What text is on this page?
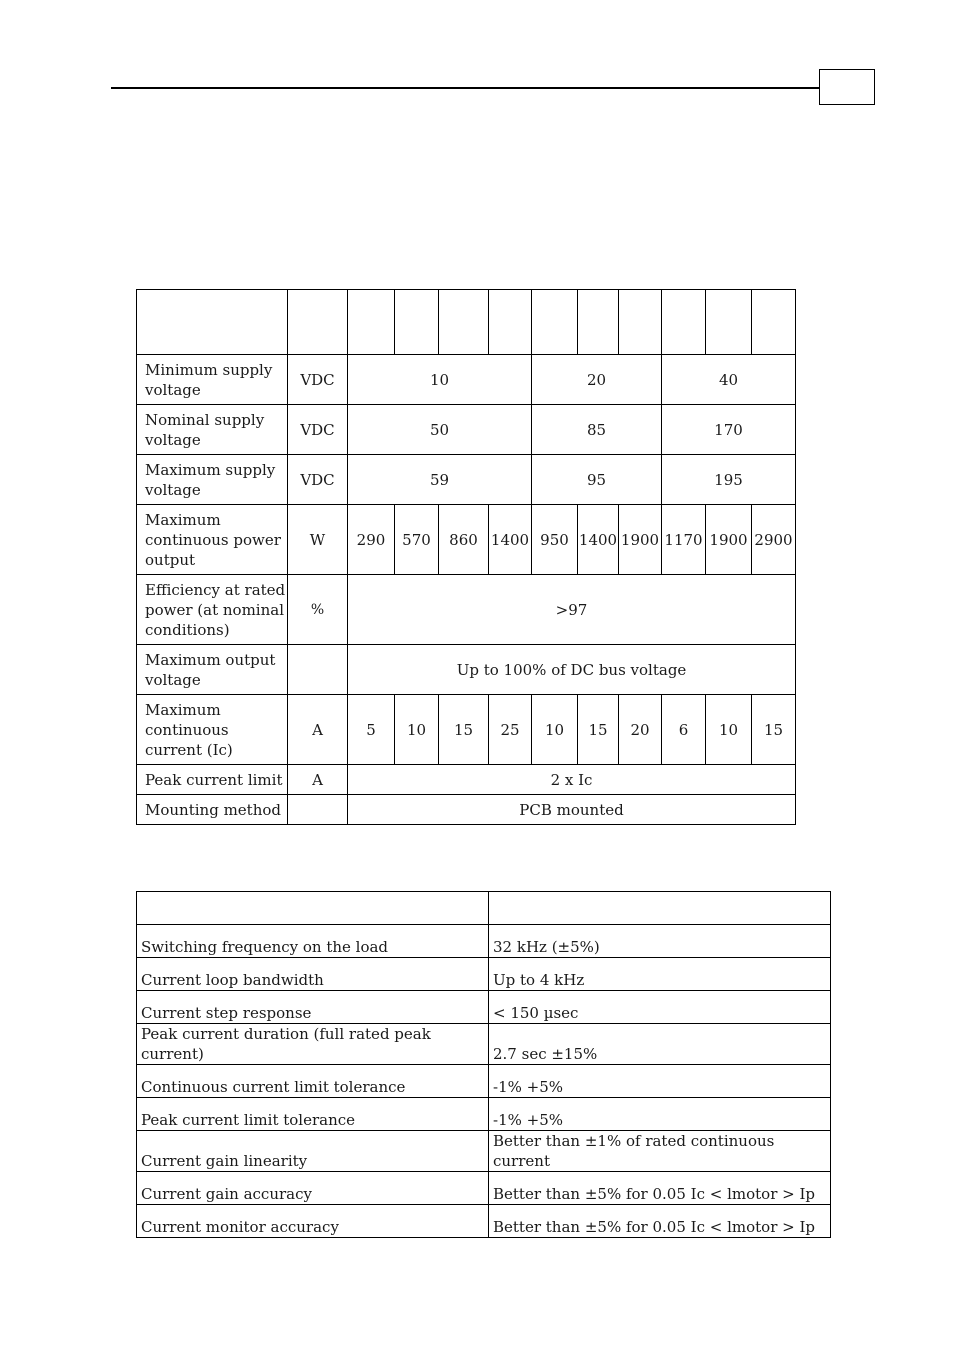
Minimum supply voltage	VDC	10				20			40		
Nominal supply voltage	VDC	50				85			170		
Maximum supply voltage	VDC	59				95			195		
Maximum continuous power output	W	290	570	860	1400	950	1400	1900	1170	1900	2900
Efficiency at rated power (at nominal conditions)	%	>97									
Maximum output voltage		Up to 100% of DC bus voltage									
Maximum continuous current (Ic)	A	5	10	15	25	10	15	20	6	10	15
Peak current limit	A	2 x Ic									
Mounting method		PCB mounted									

Switching frequency on the load	32 kHz (±5%)
Current loop bandwidth	Up to 4 kHz
Current step response	< 150 µsec
Peak current duration (full rated peak current)	2.7 sec ±15%
Continuous current limit tolerance	-1% +5%
Peak current limit tolerance	-1% +5%
Current gain linearity	Better than ±1% of rated continuous current
Current gain accuracy	Better than ±5% for 0.05 Ic < lmotor > Ip
Current monitor accuracy	Better than ±5% for 0.05 Ic < lmotor > Ip
